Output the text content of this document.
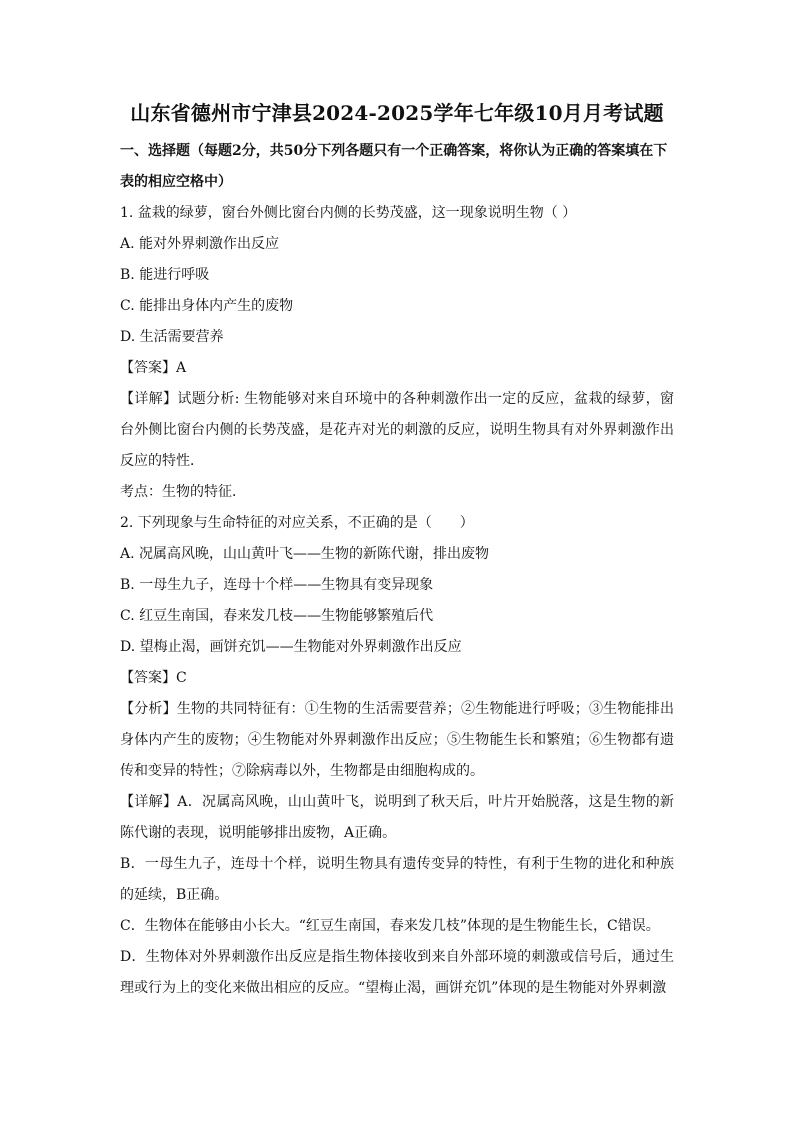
山东省德州市宁津县2024-2025学年七年级10月月考试题

一、选择题（每题2分，共50分下列各题只有一个正确答案，将你认为正确的答案填在下表的相应空格中）

1. 盆栽的绿萝，窗台外侧比窗台内侧的长势茂盛，这一现象说明生物（ ）

A. 能对外界刺激作出反应

B. 能进行呼吸

C. 能排出身体内产生的废物

D. 生活需要营养

【答案】A

【详解】试题分析: 生物能够对来自环境中的各种刺激作出一定的反应，盆栽的绿萝，窗台外侧比窗台内侧的长势茂盛，是花卉对光的刺激的反应，说明生物具有对外界刺激作出反应的特性．

考点：生物的特征．

2. 下列现象与生命特征的对应关系，不正确的是（　　）

A. 况属高风晚，山山黄叶飞——生物的新陈代谢，排出废物

B. 一母生九子，连母十个样——生物具有变异现象

C. 红豆生南国，春来发几枝——生物能够繁殖后代

D. 望梅止渴，画饼充饥——生物能对外界刺激作出反应

【答案】C

【分析】生物的共同特征有：①生物的生活需要营养；②生物能进行呼吸；③生物能排出身体内产生的废物；④生物能对外界刺激作出反应；⑤生物能生长和繁殖；⑥生物都有遗传和变异的特性；⑦除病毒以外，生物都是由细胞构成的。

【详解】A．况属高风晚，山山黄叶飞，说明到了秋天后，叶片开始脱落，这是生物的新陈代谢的表现，说明能够排出废物，A正确。

B．一母生九子，连母十个样，说明生物具有遗传变异的特性，有利于生物的进化和种族的延续，B正确。

C．生物体在能够由小长大。“红豆生南国，春来发几枝”体现的是生物能生长，C错误。

D．生物体对外界刺激作出反应是指生物体接收到来自外部环境的刺激或信号后，通过生理或行为上的变化来做出相应的反应。“望梅止渴，画饼充饥”体现的是生物能对外界刺激
